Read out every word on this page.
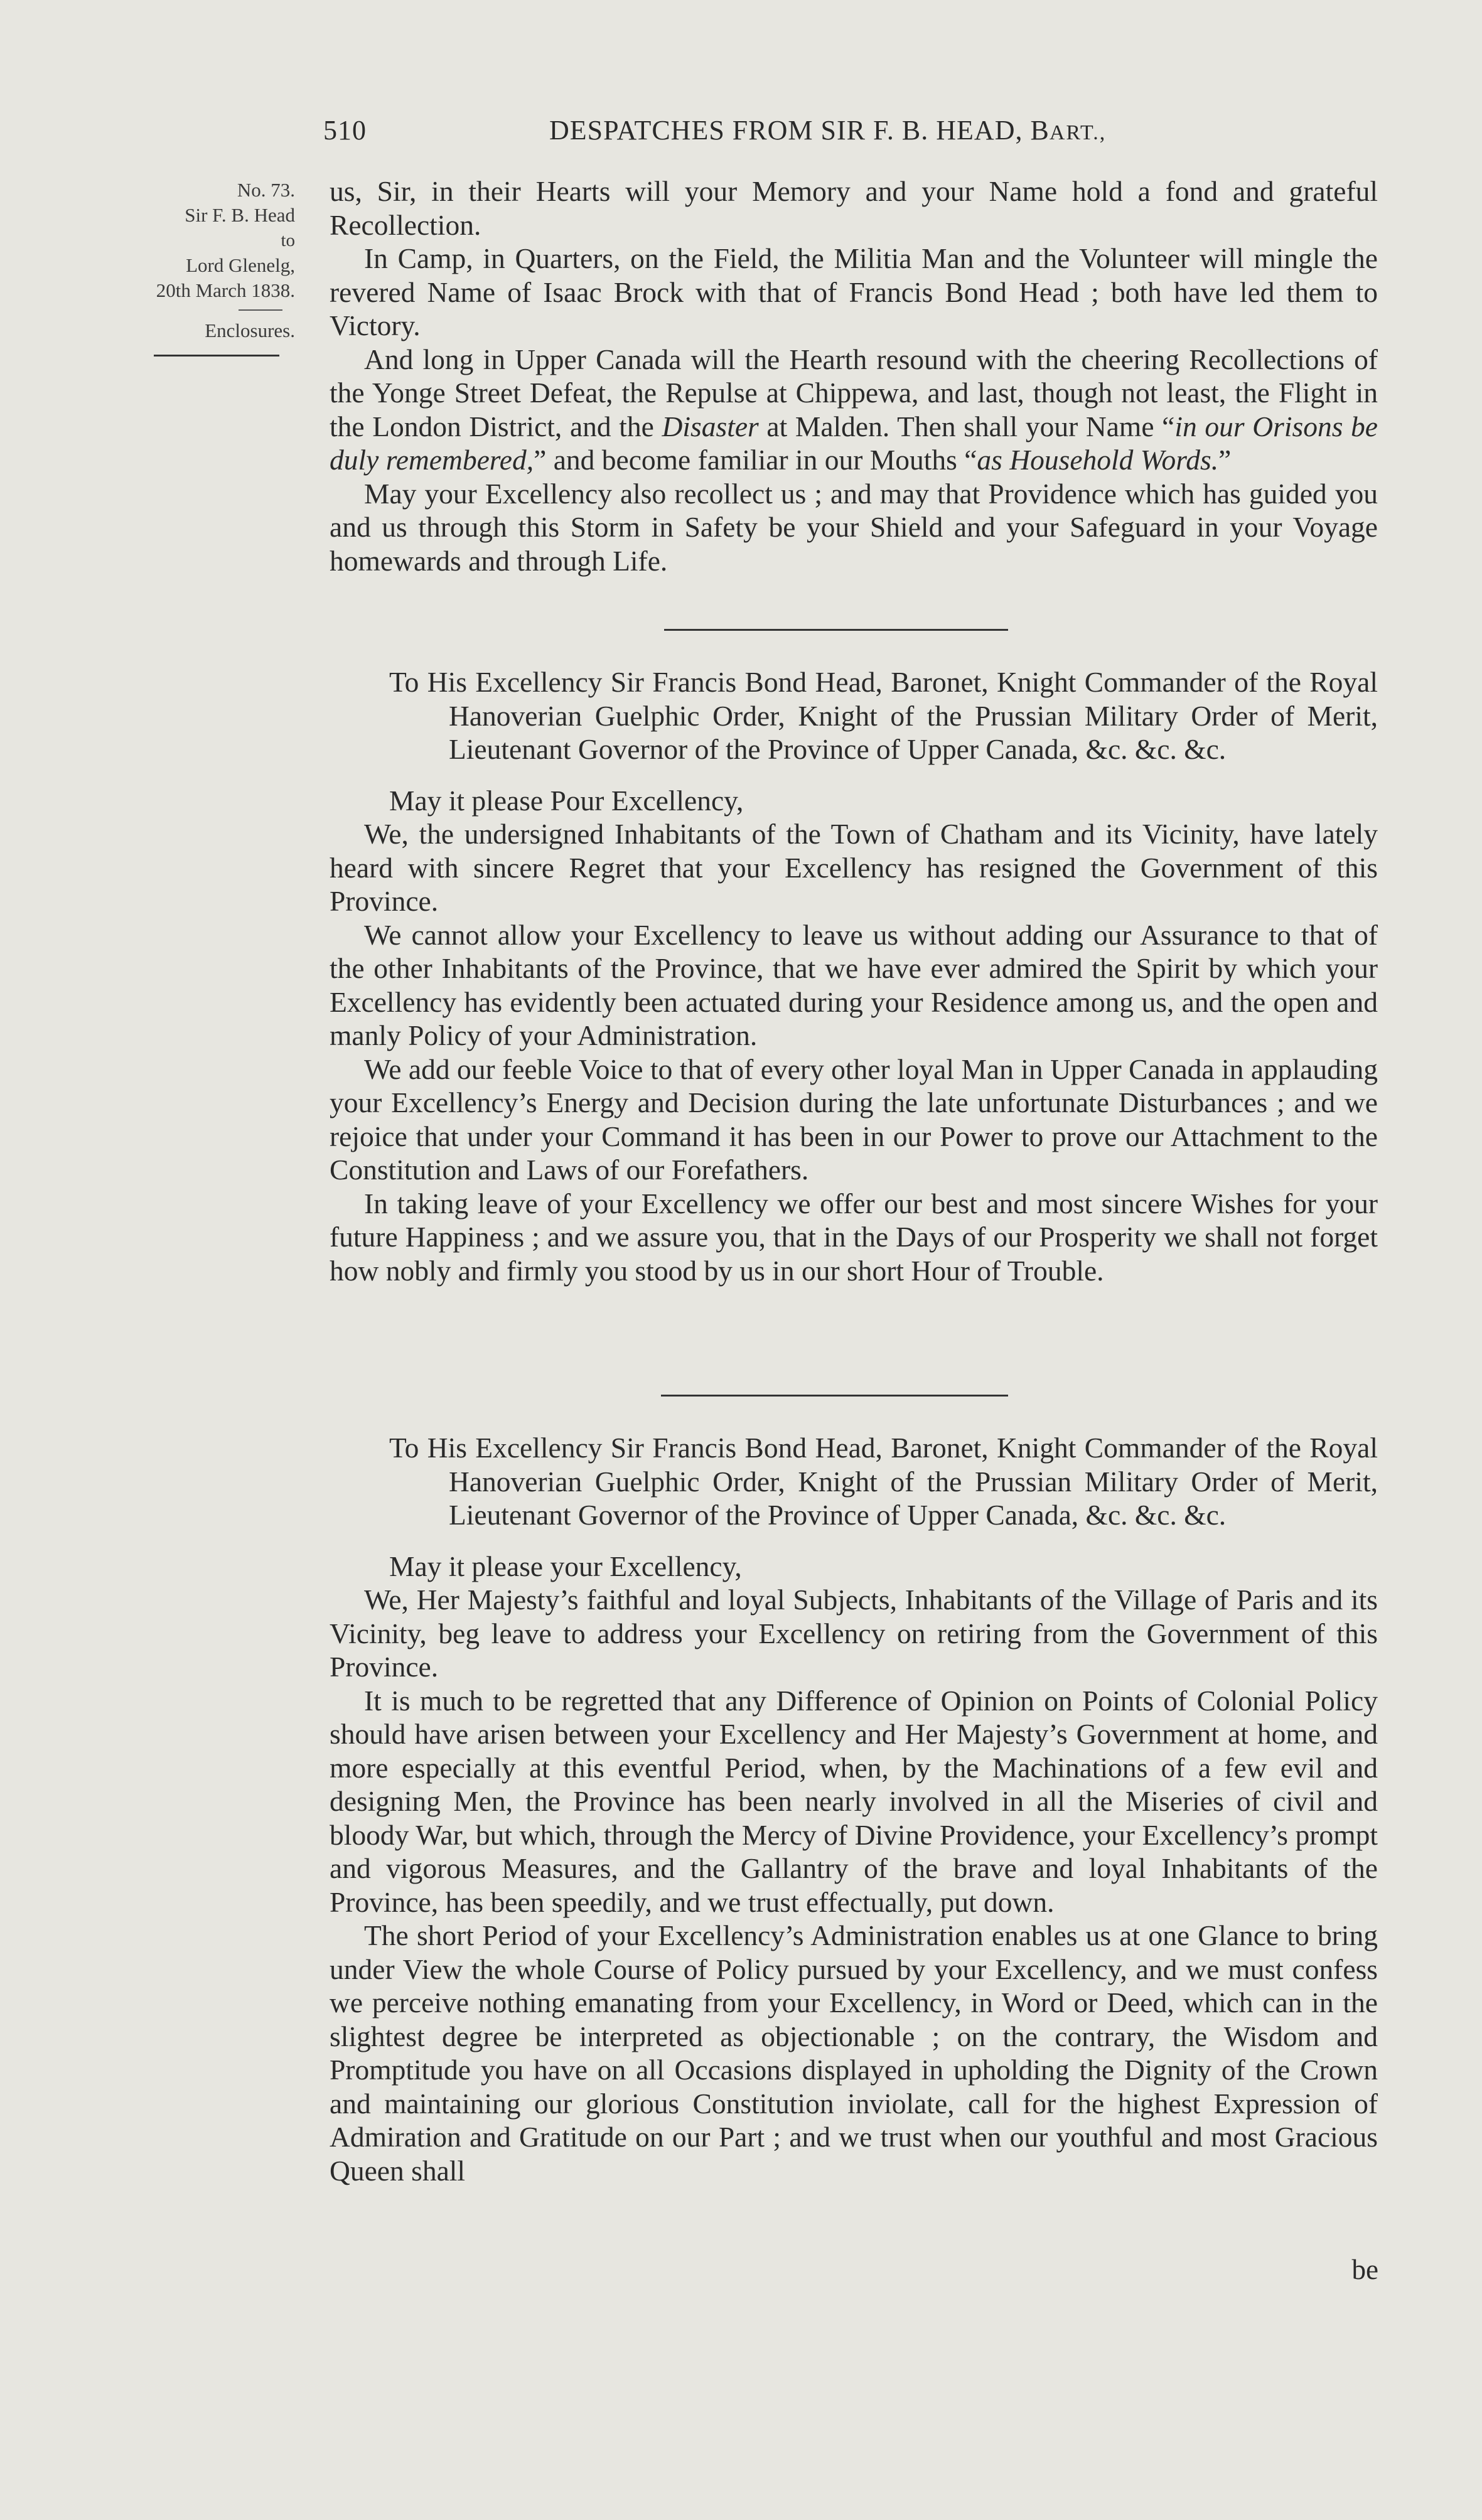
510	DESPATCHES FROM SIR F. B. HEAD, BART.,
No. 73.
Sir F. B. Head
to
Lord Glenelg,
20th March 1838.
Enclosures.

us, Sir, in their Hearts will your Memory and your Name hold a fond and grateful Recollection.

In Camp, in Quarters, on the Field, the Militia Man and the Volunteer will mingle the revered Name of Isaac Brock with that of Francis Bond Head ; both have led them to Victory.

And long in Upper Canada will the Hearth resound with the cheering Recollections of the Yonge Street Defeat, the Repulse at Chippewa, and last, though not least, the Flight in the London District, and the Disaster at Malden. Then shall your Name “in our Orisons be duly remembered,” and become familiar in our Mouths “as Household Words.”

May your Excellency also recollect us ; and may that Providence which has guided you and us through this Storm in Safety be your Shield and your Safeguard in your Voyage homewards and through Life.

To His Excellency Sir Francis Bond Head, Baronet, Knight Commander of the Royal Hanoverian Guelphic Order, Knight of the Prussian Military Order of Merit, Lieutenant Governor of the Province of Upper Canada, &c. &c. &c.

May it please Pour Excellency,

We, the undersigned Inhabitants of the Town of Chatham and its Vicinity, have lately heard with sincere Regret that your Excellency has resigned the Government of this Province.

We cannot allow your Excellency to leave us without adding our Assurance to that of the other Inhabitants of the Province, that we have ever admired the Spirit by which your Excellency has evidently been actuated during your Residence among us, and the open and manly Policy of your Administration.

We add our feeble Voice to that of every other loyal Man in Upper Canada in applauding your Excellency’s Energy and Decision during the late unfortunate Disturbances ; and we rejoice that under your Command it has been in our Power to prove our Attachment to the Constitution and Laws of our Forefathers.

In taking leave of your Excellency we offer our best and most sincere Wishes for your future Happiness ; and we assure you, that in the Days of our Prosperity we shall not forget how nobly and firmly you stood by us in our short Hour of Trouble.

To His Excellency Sir Francis Bond Head, Baronet, Knight Commander of the Royal Hanoverian Guelphic Order, Knight of the Prussian Military Order of Merit, Lieutenant Governor of the Province of Upper Canada, &c. &c. &c.

May it please your Excellency,

We, Her Majesty’s faithful and loyal Subjects, Inhabitants of the Village of Paris and its Vicinity, beg leave to address your Excellency on retiring from the Government of this Province.

It is much to be regretted that any Difference of Opinion on Points of Colonial Policy should have arisen between your Excellency and Her Majesty’s Government at home, and more especially at this eventful Period, when, by the Machinations of a few evil and designing Men, the Province has been nearly involved in all the Miseries of civil and bloody War, but which, through the Mercy of Divine Providence, your Excellency’s prompt and vigorous Measures, and the Gallantry of the brave and loyal Inhabitants of the Province, has been speedily, and we trust effectually, put down.

The short Period of your Excellency’s Administration enables us at one Glance to bring under View the whole Course of Policy pursued by your Excellency, and we must confess we perceive nothing emanating from your Excellency, in Word or Deed, which can in the slightest degree be interpreted as objectionable ; on the contrary, the Wisdom and Promptitude you have on all Occasions displayed in upholding the Dignity of the Crown and maintaining our glorious Constitution inviolate, call for the highest Expression of Admiration and Gratitude on our Part ; and we trust when our youthful and most Gracious Queen shall

be
